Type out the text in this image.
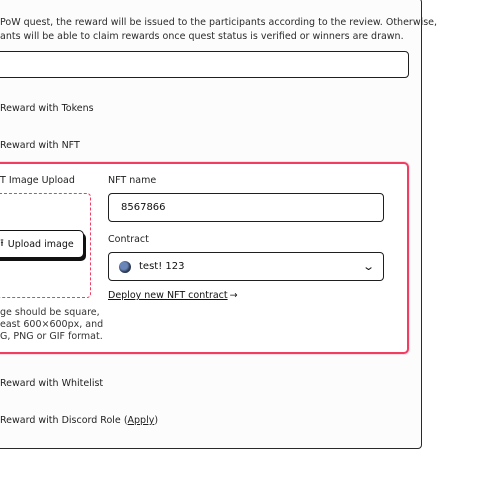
PoW quest, the reward will be issued to the participants according to the review. Otherwise,
ants will be able to claim rewards once quest status is verified or winners are drawn.
Reward with Tokens
Reward with NFT
T Image Upload
⭱ Upload image
ge should be square,
east 600×600px, and
G, PNG or GIF format.
NFT name
8567866
Contract
test! 123	⌄
Deploy new NFT contract →
Reward with Whitelist
Reward with Discord Role (Apply)
